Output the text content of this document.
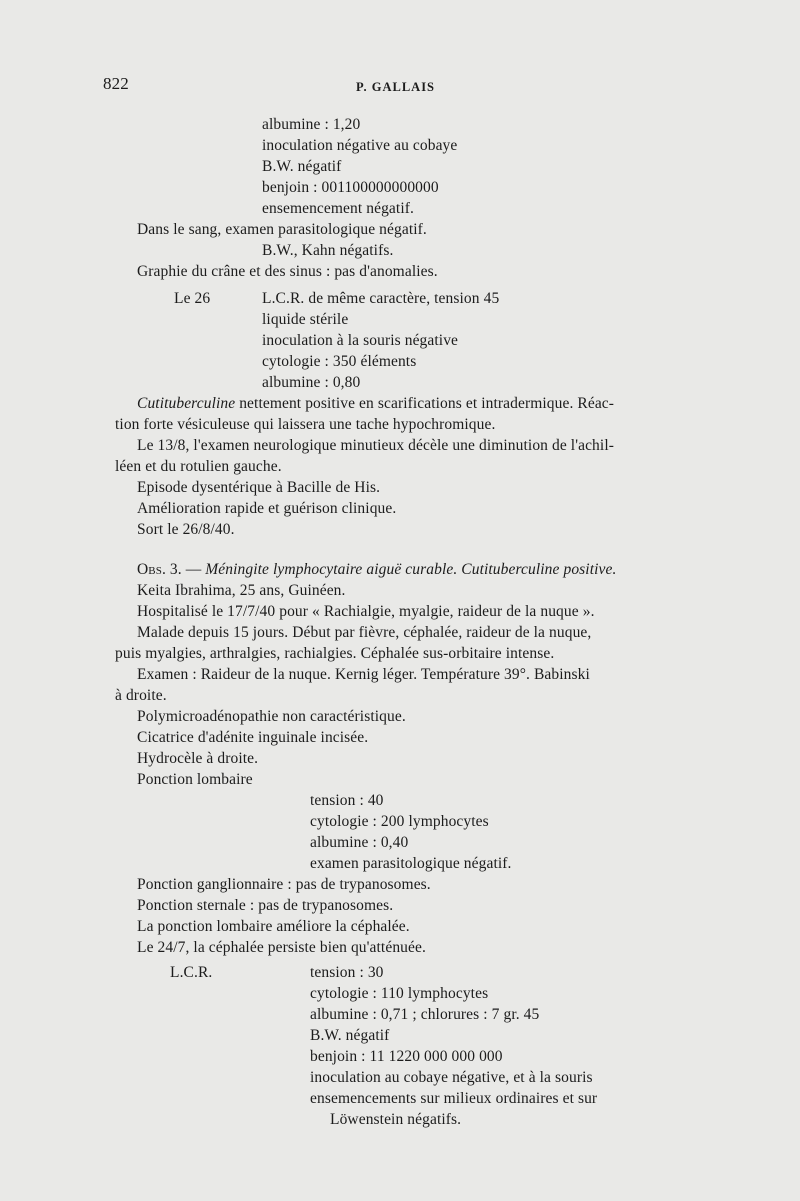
822	P. GALLAIS
albumine : 1,20
inoculation négative au cobaye
B.W. négatif
benjoin : 001100000000000
ensemencement négatif.
Dans le sang, examen parasitologique négatif.
B.W., Kahn négatifs.
Graphie du crâne et des sinus : pas d'anomalies.
Le 26	L.C.R. de même caractère, tension 45
liquide stérile
inoculation à la souris négative
cytologie : 350 éléments
albumine : 0,80
Cutituberculine nettement positive en scarifications et intradermique. Réac-
tion forte vésiculeuse qui laissera une tache hypochromique.
Le 13/8, l'examen neurologique minutieux décèle une diminution de l'achil-
léen et du rotulien gauche.
Episode dysentérique à Bacille de His.
Amélioration rapide et guérison clinique.
Sort le 26/8/40.
Obs. 3. — Méningite lymphocytaire aiguë curable. Cutituberculine positive.
Keita Ibrahima, 25 ans, Guinéen.
Hospitalisé le 17/7/40 pour « Rachialgie, myalgie, raideur de la nuque ».
Malade depuis 15 jours. Début par fièvre, céphalée, raideur de la nuque,
puis myalgies, arthralgies, rachialgies. Céphalée sus-orbitaire intense.
Examen : Raideur de la nuque. Kernig léger. Température 39°. Babinski
à droite.
Polymicroadénopathie non caractéristique.
Cicatrice d'adénite inguinale incisée.
Hydrocèle à droite.
Ponction lombaire
tension : 40
cytologie : 200 lymphocytes
albumine : 0,40
examen parasitologique négatif.
Ponction ganglionnaire : pas de trypanosomes.
Ponction sternale : pas de trypanosomes.
La ponction lombaire améliore la céphalée.
Le 24/7, la céphalée persiste bien qu'atténuée.
L.C.R.	tension : 30
cytologie : 110 lymphocytes
albumine : 0,71 ; chlorures : 7 gr. 45
B.W. négatif
benjoin : 11 1220 000 000 000
inoculation au cobaye négative, et à la souris
ensemencements sur milieux ordinaires et sur
Löwenstein négatifs.
